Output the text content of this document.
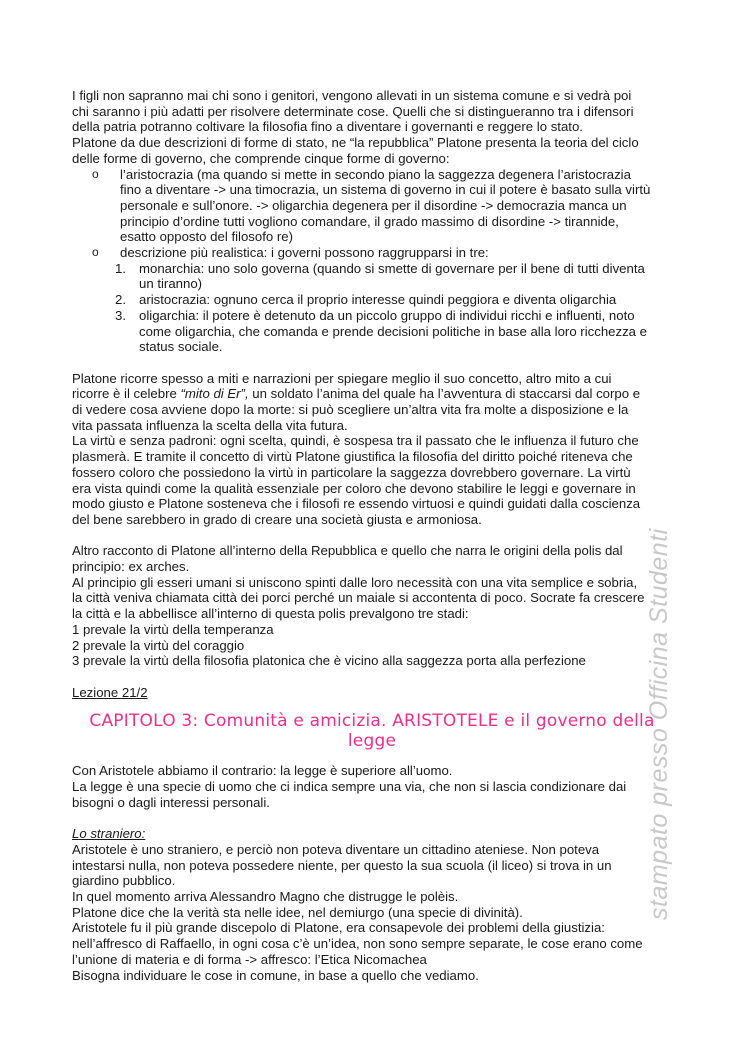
I figli non sapranno mai chi sono i genitori, vengono allevati in un sistema comune e si vedrà poi

chi saranno i più adatti per risolvere determinate cose. Quelli che si distingueranno tra i difensori

della patria potranno coltivare la filosofia fino a diventare i governanti e reggere lo stato.

Platone da due descrizioni di forme di stato, ne “la repubblica” Platone presenta la teoria del ciclo

delle forme di governo, che comprende cinque forme di governo:

o l’aristocrazia (ma quando si mette in secondo piano la saggezza degenera l’aristocrazia

fino a diventare -> una timocrazia, un sistema di governo in cui il potere è basato sulla virtù

personale e sull’onore. -> oligarchia degenera per il disordine -> democrazia manca un

principio d’ordine tutti vogliono comandare, il grado massimo di disordine -> tirannide,

esatto opposto del filosofo re)

o descrizione più realistica: i governi possono raggrupparsi in tre:

1. monarchia: uno solo governa (quando si smette di governare per il bene di tutti diventa

un tiranno)

2. aristocrazia: ognuno cerca il proprio interesse quindi peggiora e diventa oligarchia

3. oligarchia: il potere è detenuto da un piccolo gruppo di individui ricchi e influenti, noto

come oligarchia, che comanda e prende decisioni politiche in base alla loro ricchezza e

status sociale.

Platone ricorre spesso a miti e narrazioni per spiegare meglio il suo concetto, altro mito a cui

ricorre è il celebre “mito di Er”, un soldato l’anima del quale ha l’avventura di staccarsi dal corpo e

di vedere cosa avviene dopo la morte: si può scegliere un’altra vita fra molte a disposizione e la

vita passata influenza la scelta della vita futura.

La virtù e senza padroni: ogni scelta, quindi, è sospesa tra il passato che le influenza il futuro che

plasmerà. E tramite il concetto di virtù Platone giustifica la filosofia del diritto poiché riteneva che

fossero coloro che possiedono la virtù in particolare la saggezza dovrebbero governare. La virtù

era vista quindi come la qualità essenziale per coloro che devono stabilire le leggi e governare in

modo giusto e Platone sosteneva che i filosofi re essendo virtuosi e quindi guidati dalla coscienza

del bene sarebbero in grado di creare una società giusta e armoniosa.

Altro racconto di Platone all’interno della Repubblica e quello che narra le origini della polis dal

principio: ex arches.

Al principio gli esseri umani si uniscono spinti dalle loro necessità con una vita semplice e sobria,

la città veniva chiamata città dei porci perché un maiale si accontenta di poco. Socrate fa crescere

la città e la abbellisce all’interno di questa polis prevalgono tre stadi:

1 prevale la virtù della temperanza

2 prevale la virtù del coraggio

3 prevale la virtù della filosofia platonica che è vicino alla saggezza porta alla perfezione

Lezione 21/2

CAPITOLO 3: Comunità e amicizia. ARISTOTELE e il governo della legge

Con Aristotele abbiamo il contrario: la legge è superiore all’uomo.

La legge è una specie di uomo che ci indica sempre una via, che non si lascia condizionare dai

bisogni o dagli interessi personali.

Lo straniero:

Aristotele è uno straniero, e perciò non poteva diventare un cittadino ateniese. Non poteva

intestarsi nulla, non poteva possedere niente, per questo la sua scuola (il liceo) si trova in un

giardino pubblico.

In quel momento arriva Alessandro Magno che distrugge le polèis.

Platone dice che la verità sta nelle idee, nel demiurgo (una specie di divinità).

Aristotele fu il più grande discepolo di Platone, era consapevole dei problemi della giustizia:

nell’affresco di Raffaello, in ogni cosa c’è un’idea, non sono sempre separate, le cose erano come

l’unione di materia e di forma -> affresco: l’Etica Nicomachea

Bisogna individuare le cose in comune, in base a quello che vediamo.

stampato presso Officina Studenti
